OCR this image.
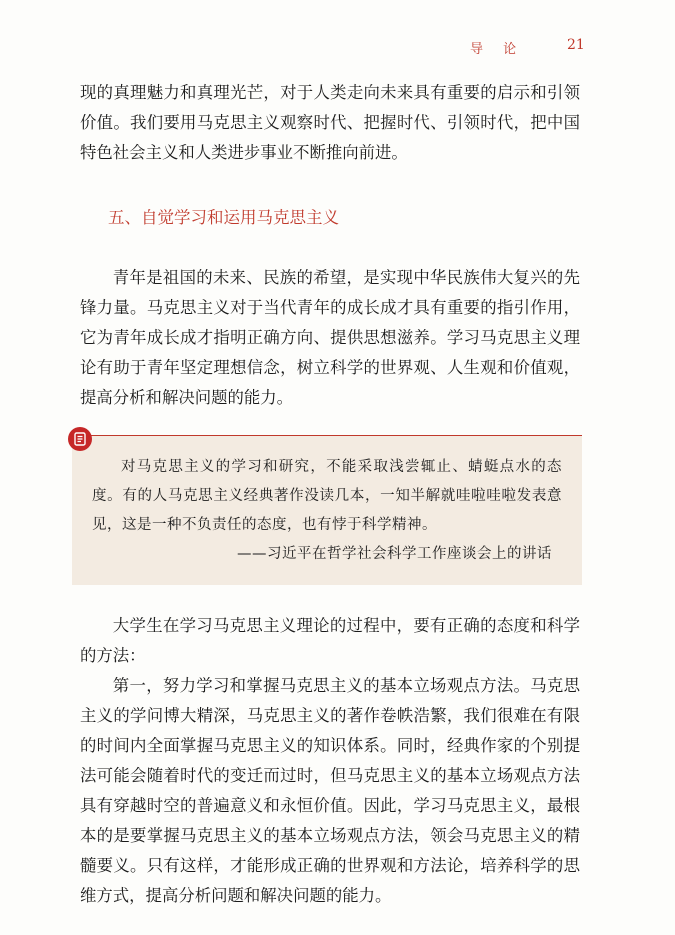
导 论	21

现的真理魅力和真理光芒，对于人类走向未来具有重要的启示和引领价值。我们要用马克思主义观察时代、把握时代、引领时代，把中国特色社会主义和人类进步事业不断推向前进。

五、自觉学习和运用马克思主义

青年是祖国的未来、民族的希望，是实现中华民族伟大复兴的先锋力量。马克思主义对于当代青年的成长成才具有重要的指引作用，它为青年成长成才指明正确方向、提供思想滋养。学习马克思主义理论有助于青年坚定理想信念，树立科学的世界观、人生观和价值观，提高分析和解决问题的能力。

对马克思主义的学习和研究，不能采取浅尝辄止、蜻蜓点水的态度。有的人马克思主义经典著作没读几本，一知半解就哇啦哇啦发表意见，这是一种不负责任的态度，也有悖于科学精神。

——习近平在哲学社会科学工作座谈会上的讲话

大学生在学习马克思主义理论的过程中，要有正确的态度和科学的方法：

第一，努力学习和掌握马克思主义的基本立场观点方法。马克思主义的学问博大精深，马克思主义的著作卷帙浩繁，我们很难在有限的时间内全面掌握马克思主义的知识体系。同时，经典作家的个别提法可能会随着时代的变迁而过时，但马克思主义的基本立场观点方法具有穿越时空的普遍意义和永恒价值。因此，学习马克思主义，最根本的是要掌握马克思主义的基本立场观点方法，领会马克思主义的精髓要义。只有这样，才能形成正确的世界观和方法论，培养科学的思维方式，提高分析问题和解决问题的能力。
